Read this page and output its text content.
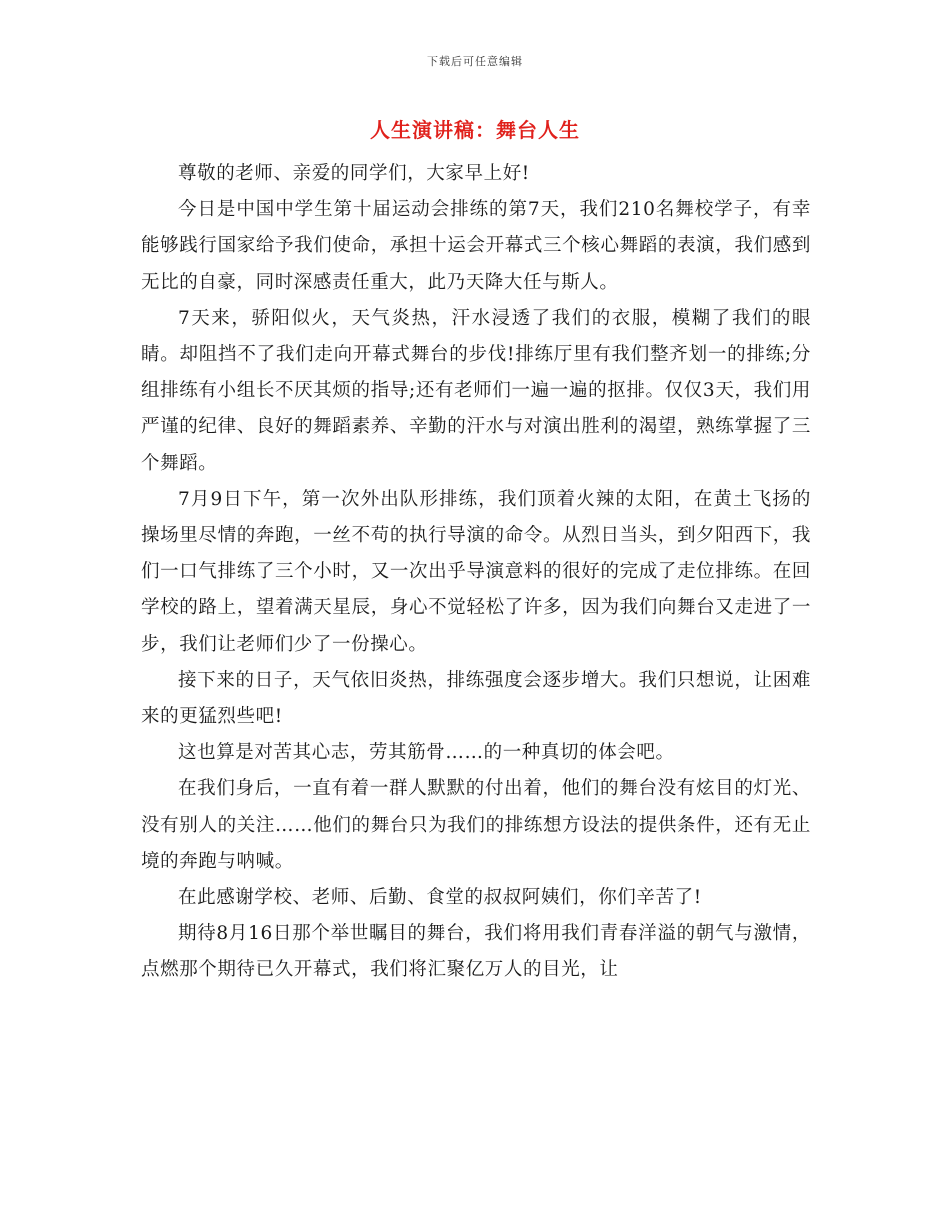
下载后可任意编辑
人生演讲稿：舞台人生

尊敬的老师、亲爱的同学们，大家早上好!

今日是中国中学生第十届运动会排练的第7天，我们210名舞校学子，有幸能够践行国家给予我们使命，承担十运会开幕式三个核心舞蹈的表演，我们感到无比的自豪，同时深感责任重大，此乃天降大任与斯人。

7天来，骄阳似火，天气炎热，汗水浸透了我们的衣服，模糊了我们的眼睛。却阻挡不了我们走向开幕式舞台的步伐!排练厅里有我们整齐划一的排练;分组排练有小组长不厌其烦的指导;还有老师们一遍一遍的抠排。仅仅3天，我们用严谨的纪律、良好的舞蹈素养、辛勤的汗水与对演出胜利的渴望，熟练掌握了三个舞蹈。

7月9日下午，第一次外出队形排练，我们顶着火辣的太阳，在黄土飞扬的操场里尽情的奔跑，一丝不苟的执行导演的命令。从烈日当头，到夕阳西下，我们一口气排练了三个小时，又一次出乎导演意料的很好的完成了走位排练。在回学校的路上，望着满天星辰，身心不觉轻松了许多，因为我们向舞台又走进了一步，我们让老师们少了一份操心。

接下来的日子，天气依旧炎热，排练强度会逐步增大。我们只想说，让困难来的更猛烈些吧!

这也算是对苦其心志，劳其筋骨……的一种真切的体会吧。

在我们身后，一直有着一群人默默的付出着，他们的舞台没有炫目的灯光、没有别人的关注……他们的舞台只为我们的排练想方设法的提供条件，还有无止境的奔跑与呐喊。

在此感谢学校、老师、后勤、食堂的叔叔阿姨们，你们辛苦了!

期待8月16日那个举世瞩目的舞台，我们将用我们青春洋溢的朝气与激情，点燃那个期待已久开幕式，我们将汇聚亿万人的目光，让
